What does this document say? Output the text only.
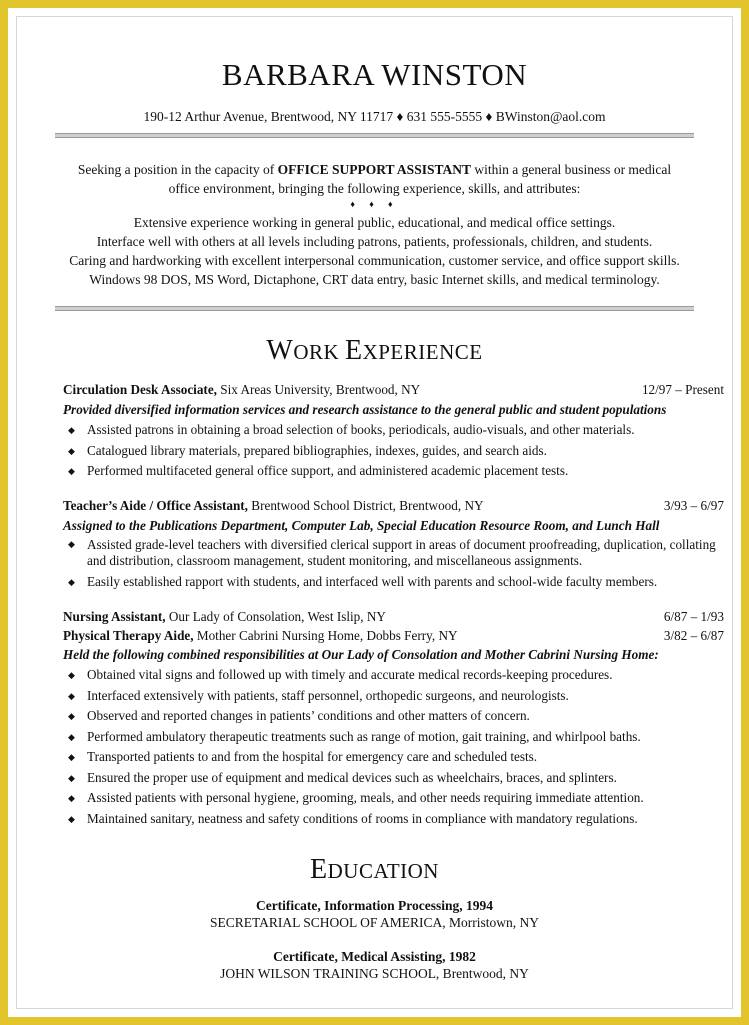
BARBARA WINSTON
190-12 Arthur Avenue, Brentwood, NY 11717 ♦ 631 555-5555 ♦ BWinston@aol.com
Seeking a position in the capacity of OFFICE SUPPORT ASSISTANT within a general business or medical
office environment, bringing the following experience, skills, and attributes:
♦ ♦ ♦
Extensive experience working in general public, educational, and medical office settings.
Interface well with others at all levels including patrons, patients, professionals, children, and students.
Caring and hardworking with excellent interpersonal communication, customer service, and office support skills.
Windows 98 DOS, MS Word, Dictaphone, CRT data entry, basic Internet skills, and medical terminology.
WORK EXPERIENCE
Circulation Desk Associate, Six Areas University, Brentwood, NY	12/97 – Present
Provided diversified information services and research assistance to the general public and student populations
◆ Assisted patrons in obtaining a broad selection of books, periodicals, audio-visuals, and other materials.
◆ Catalogued library materials, prepared bibliographies, indexes, guides, and search aids.
◆ Performed multifaceted general office support, and administered academic placement tests.
Teacher’s Aide / Office Assistant, Brentwood School District, Brentwood, NY	3/93 – 6/97
Assigned to the Publications Department, Computer Lab, Special Education Resource Room, and Lunch Hall
◆ Assisted grade-level teachers with diversified clerical support in areas of document proofreading, duplication, collating and distribution, classroom management, student monitoring, and miscellaneous assignments.
◆ Easily established rapport with students, and interfaced well with parents and school-wide faculty members.
Nursing Assistant, Our Lady of Consolation, West Islip, NY	6/87 – 1/93
Physical Therapy Aide, Mother Cabrini Nursing Home, Dobbs Ferry, NY	3/82 – 6/87
Held the following combined responsibilities at Our Lady of Consolation and Mother Cabrini Nursing Home:
◆ Obtained vital signs and followed up with timely and accurate medical records-keeping procedures.
◆ Interfaced extensively with patients, staff personnel, orthopedic surgeons, and neurologists.
◆ Observed and reported changes in patients’ conditions and other matters of concern.
◆ Performed ambulatory therapeutic treatments such as range of motion, gait training, and whirlpool baths.
◆ Transported patients to and from the hospital for emergency care and scheduled tests.
◆ Ensured the proper use of equipment and medical devices such as wheelchairs, braces, and splinters.
◆ Assisted patients with personal hygiene, grooming, meals, and other needs requiring immediate attention.
◆ Maintained sanitary, neatness and safety conditions of rooms in compliance with mandatory regulations.
EDUCATION
Certificate, Information Processing, 1994
SECRETARIAL SCHOOL OF AMERICA, Morristown, NY
Certificate, Medical Assisting, 1982
JOHN WILSON TRAINING SCHOOL, Brentwood, NY
